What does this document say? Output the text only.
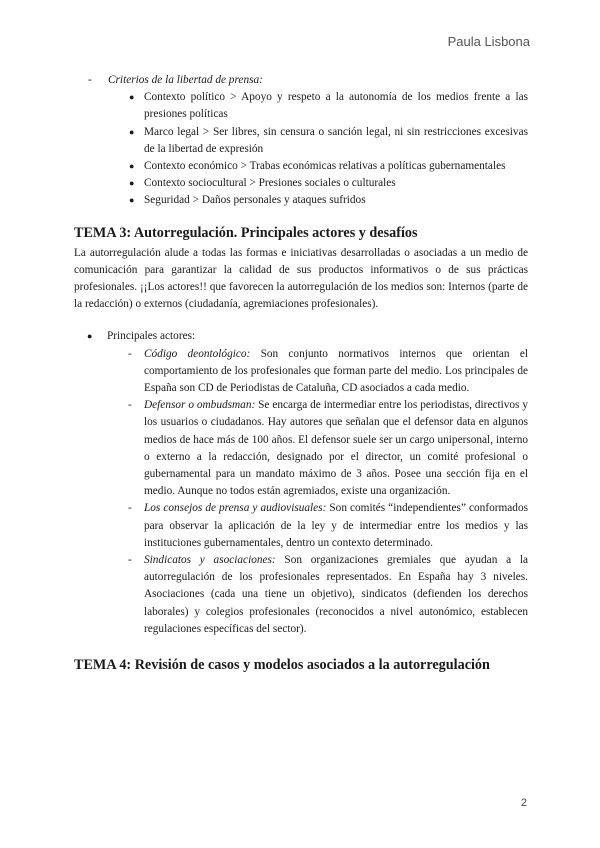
Paula Lisbona
- Criterios de la libertad de prensa:
● Contexto político > Apoyo y respeto a la autonomía de los medios frente a las presiones políticas
● Marco legal > Ser libres, sin censura o sanción legal, ni sin restricciones excesivas de la libertad de expresión
● Contexto económico > Trabas económicas relativas a políticas gubernamentales
● Contexto sociocultural > Presiones sociales o culturales
● Seguridad > Daños personales y ataques sufridos
TEMA 3: Autorregulación. Principales actores y desafíos
La autorregulación alude a todas las formas e iniciativas desarrolladas o asociadas a un medio de comunicación para garantizar la calidad de sus productos informativos o de sus prácticas profesionales. ¡¡Los actores!! que favorecen la autorregulación de los medios son: Internos (parte de la redacción) o externos (ciudadanía, agremiaciones profesionales).
● Principales actores:
- Código deontológico: Son conjunto normativos internos que orientan el comportamiento de los profesionales que forman parte del medio. Los principales de España son CD de Periodistas de Cataluña, CD asociados a cada medio.
- Defensor o ombudsman: Se encarga de intermediar entre los periodistas, directivos y los usuarios o ciudadanos. Hay autores que señalan que el defensor data en algunos medios de hace más de 100 años. El defensor suele ser un cargo unipersonal, interno o externo a la redacción, designado por el director, un comité profesional o gubernamental para un mandato máximo de 3 años. Posee una sección fija en el medio. Aunque no todos están agremiados, existe una organización.
- Los consejos de prensa y audiovisuales: Son comités “independientes” conformados para observar la aplicación de la ley y de intermediar entre los medios y las instituciones gubernamentales, dentro un contexto determinado.
- Sindicatos y asociaciones: Son organizaciones gremiales que ayudan a la autorregulación de los profesionales representados. En España hay 3 niveles. Asociaciones (cada una tiene un objetivo), sindicatos (defienden los derechos laborales) y colegios profesionales (reconocidos a nivel autonómico, establecen regulaciones específicas del sector).
TEMA 4: Revisión de casos y modelos asociados a la autorregulación
2
